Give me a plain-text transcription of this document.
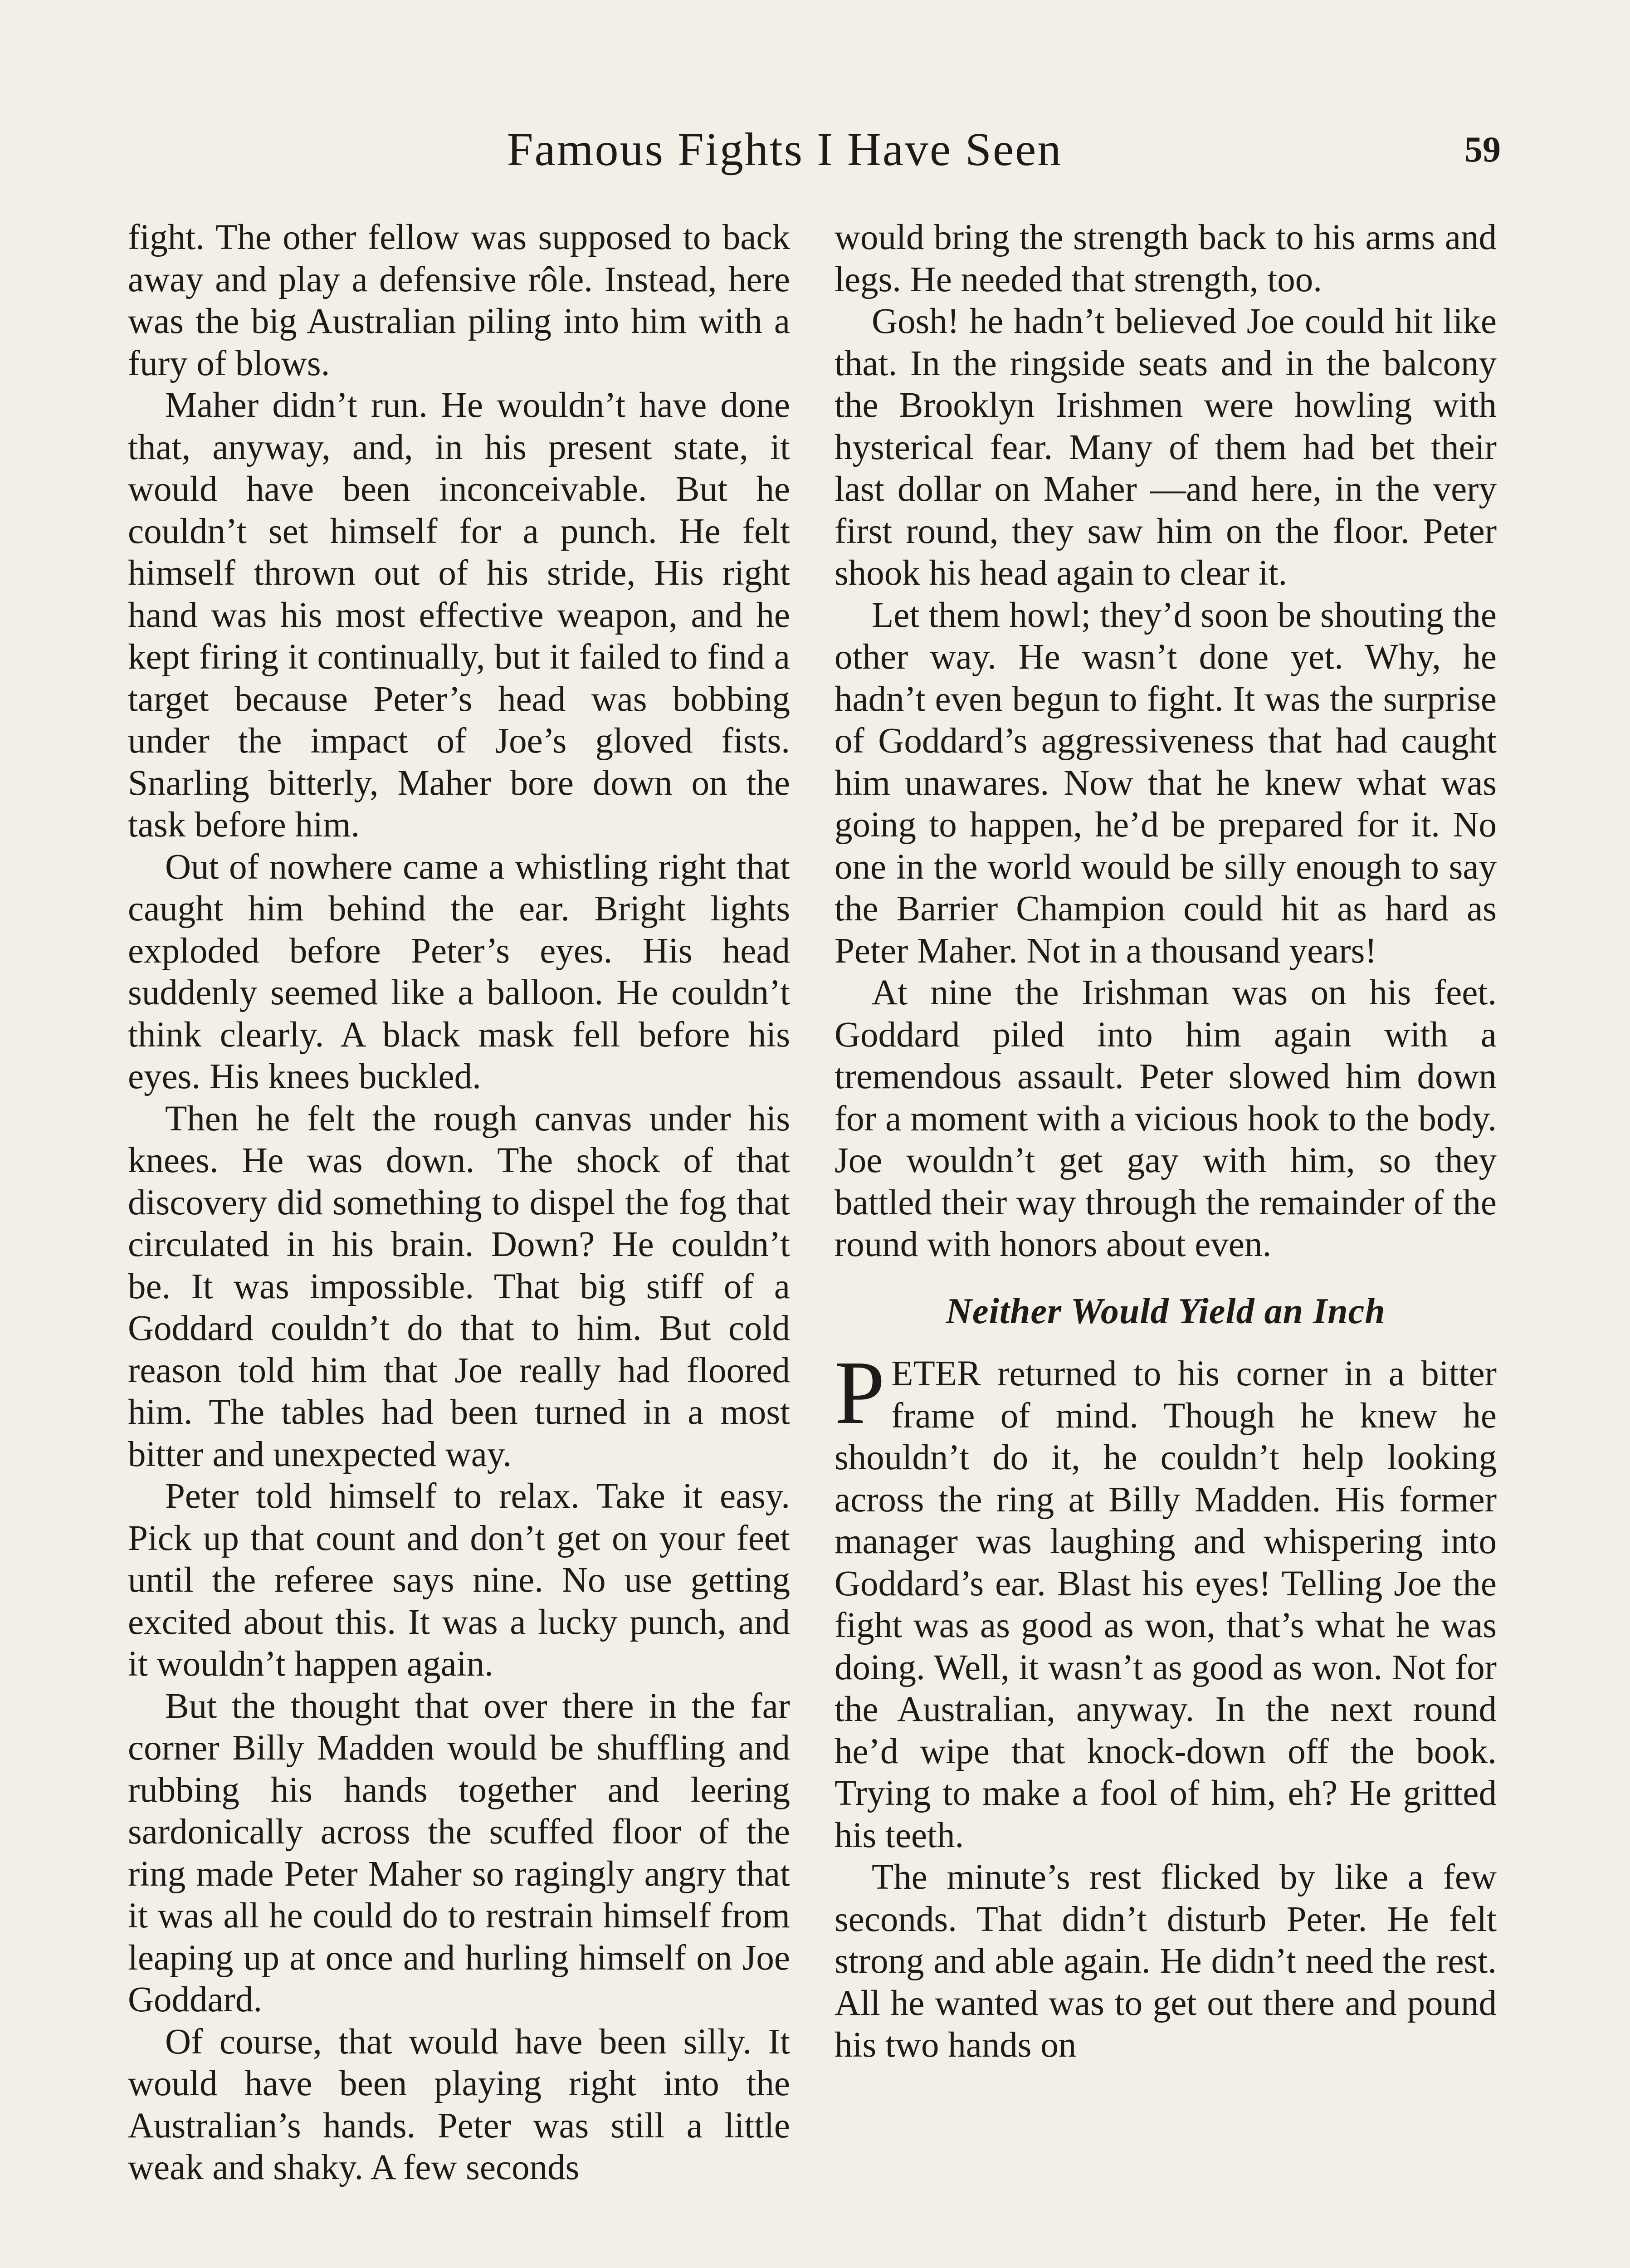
Famous Fights I Have Seen	59

fight. The other fellow was supposed to back away and play a defensive rôle. Instead, here was the big Australian piling into him with a fury of blows.

Maher didn’t run. He wouldn’t have done that, anyway, and, in his present state, it would have been inconceivable. But he couldn’t set himself for a punch. He felt himself thrown out of his stride, His right hand was his most effective weapon, and he kept firing it continually, but it failed to find a target because Peter’s head was bobbing under the impact of Joe’s gloved fists. Snarling bitterly, Maher bore down on the task before him.

Out of nowhere came a whistling right that caught him behind the ear. Bright lights exploded before Peter’s eyes. His head suddenly seemed like a balloon. He couldn’t think clearly. A black mask fell before his eyes. His knees buckled.

Then he felt the rough canvas under his knees. He was down. The shock of that discovery did something to dispel the fog that circulated in his brain. Down? He couldn’t be. It was impossible. That big stiff of a Goddard couldn’t do that to him. But cold reason told him that Joe really had floored him. The tables had been turned in a most bitter and unexpected way.

Peter told himself to relax. Take it easy. Pick up that count and don’t get on your feet until the referee says nine. No use getting excited about this. It was a lucky punch, and it wouldn’t happen again.

But the thought that over there in the far corner Billy Madden would be shuffling and rubbing his hands together and leering sardonically across the scuffed floor of the ring made Peter Maher so ragingly angry that it was all he could do to restrain himself from leaping up at once and hurling himself on Joe Goddard.

Of course, that would have been silly. It would have been playing right into the Australian’s hands. Peter was still a little weak and shaky. A few seconds

would bring the strength back to his arms and legs. He needed that strength, too.

Gosh! he hadn’t believed Joe could hit like that. In the ringside seats and in the balcony the Brooklyn Irishmen were howling with hysterical fear. Many of them had bet their last dollar on Maher —and here, in the very first round, they saw him on the floor. Peter shook his head again to clear it.

Let them howl; they’d soon be shouting the other way. He wasn’t done yet. Why, he hadn’t even begun to fight. It was the surprise of Goddard’s aggressiveness that had caught him unawares. Now that he knew what was going to happen, he’d be prepared for it. No one in the world would be silly enough to say the Barrier Champion could hit as hard as Peter Maher. Not in a thousand years!

At nine the Irishman was on his feet. Goddard piled into him again with a tremendous assault. Peter slowed him down for a moment with a vicious hook to the body. Joe wouldn’t get gay with him, so they battled their way through the remainder of the round with honors about even.

Neither Would Yield an Inch

PETER returned to his corner in a bitter frame of mind. Though he knew he shouldn’t do it, he couldn’t help looking across the ring at Billy Madden. His former manager was laughing and whispering into Goddard’s ear. Blast his eyes! Telling Joe the fight was as good as won, that’s what he was doing. Well, it wasn’t as good as won. Not for the Australian, anyway. In the next round he’d wipe that knock-down off the book. Trying to make a fool of him, eh? He gritted his teeth.

The minute’s rest flicked by like a few seconds. That didn’t disturb Peter. He felt strong and able again. He didn’t need the rest. All he wanted was to get out there and pound his two hands on
